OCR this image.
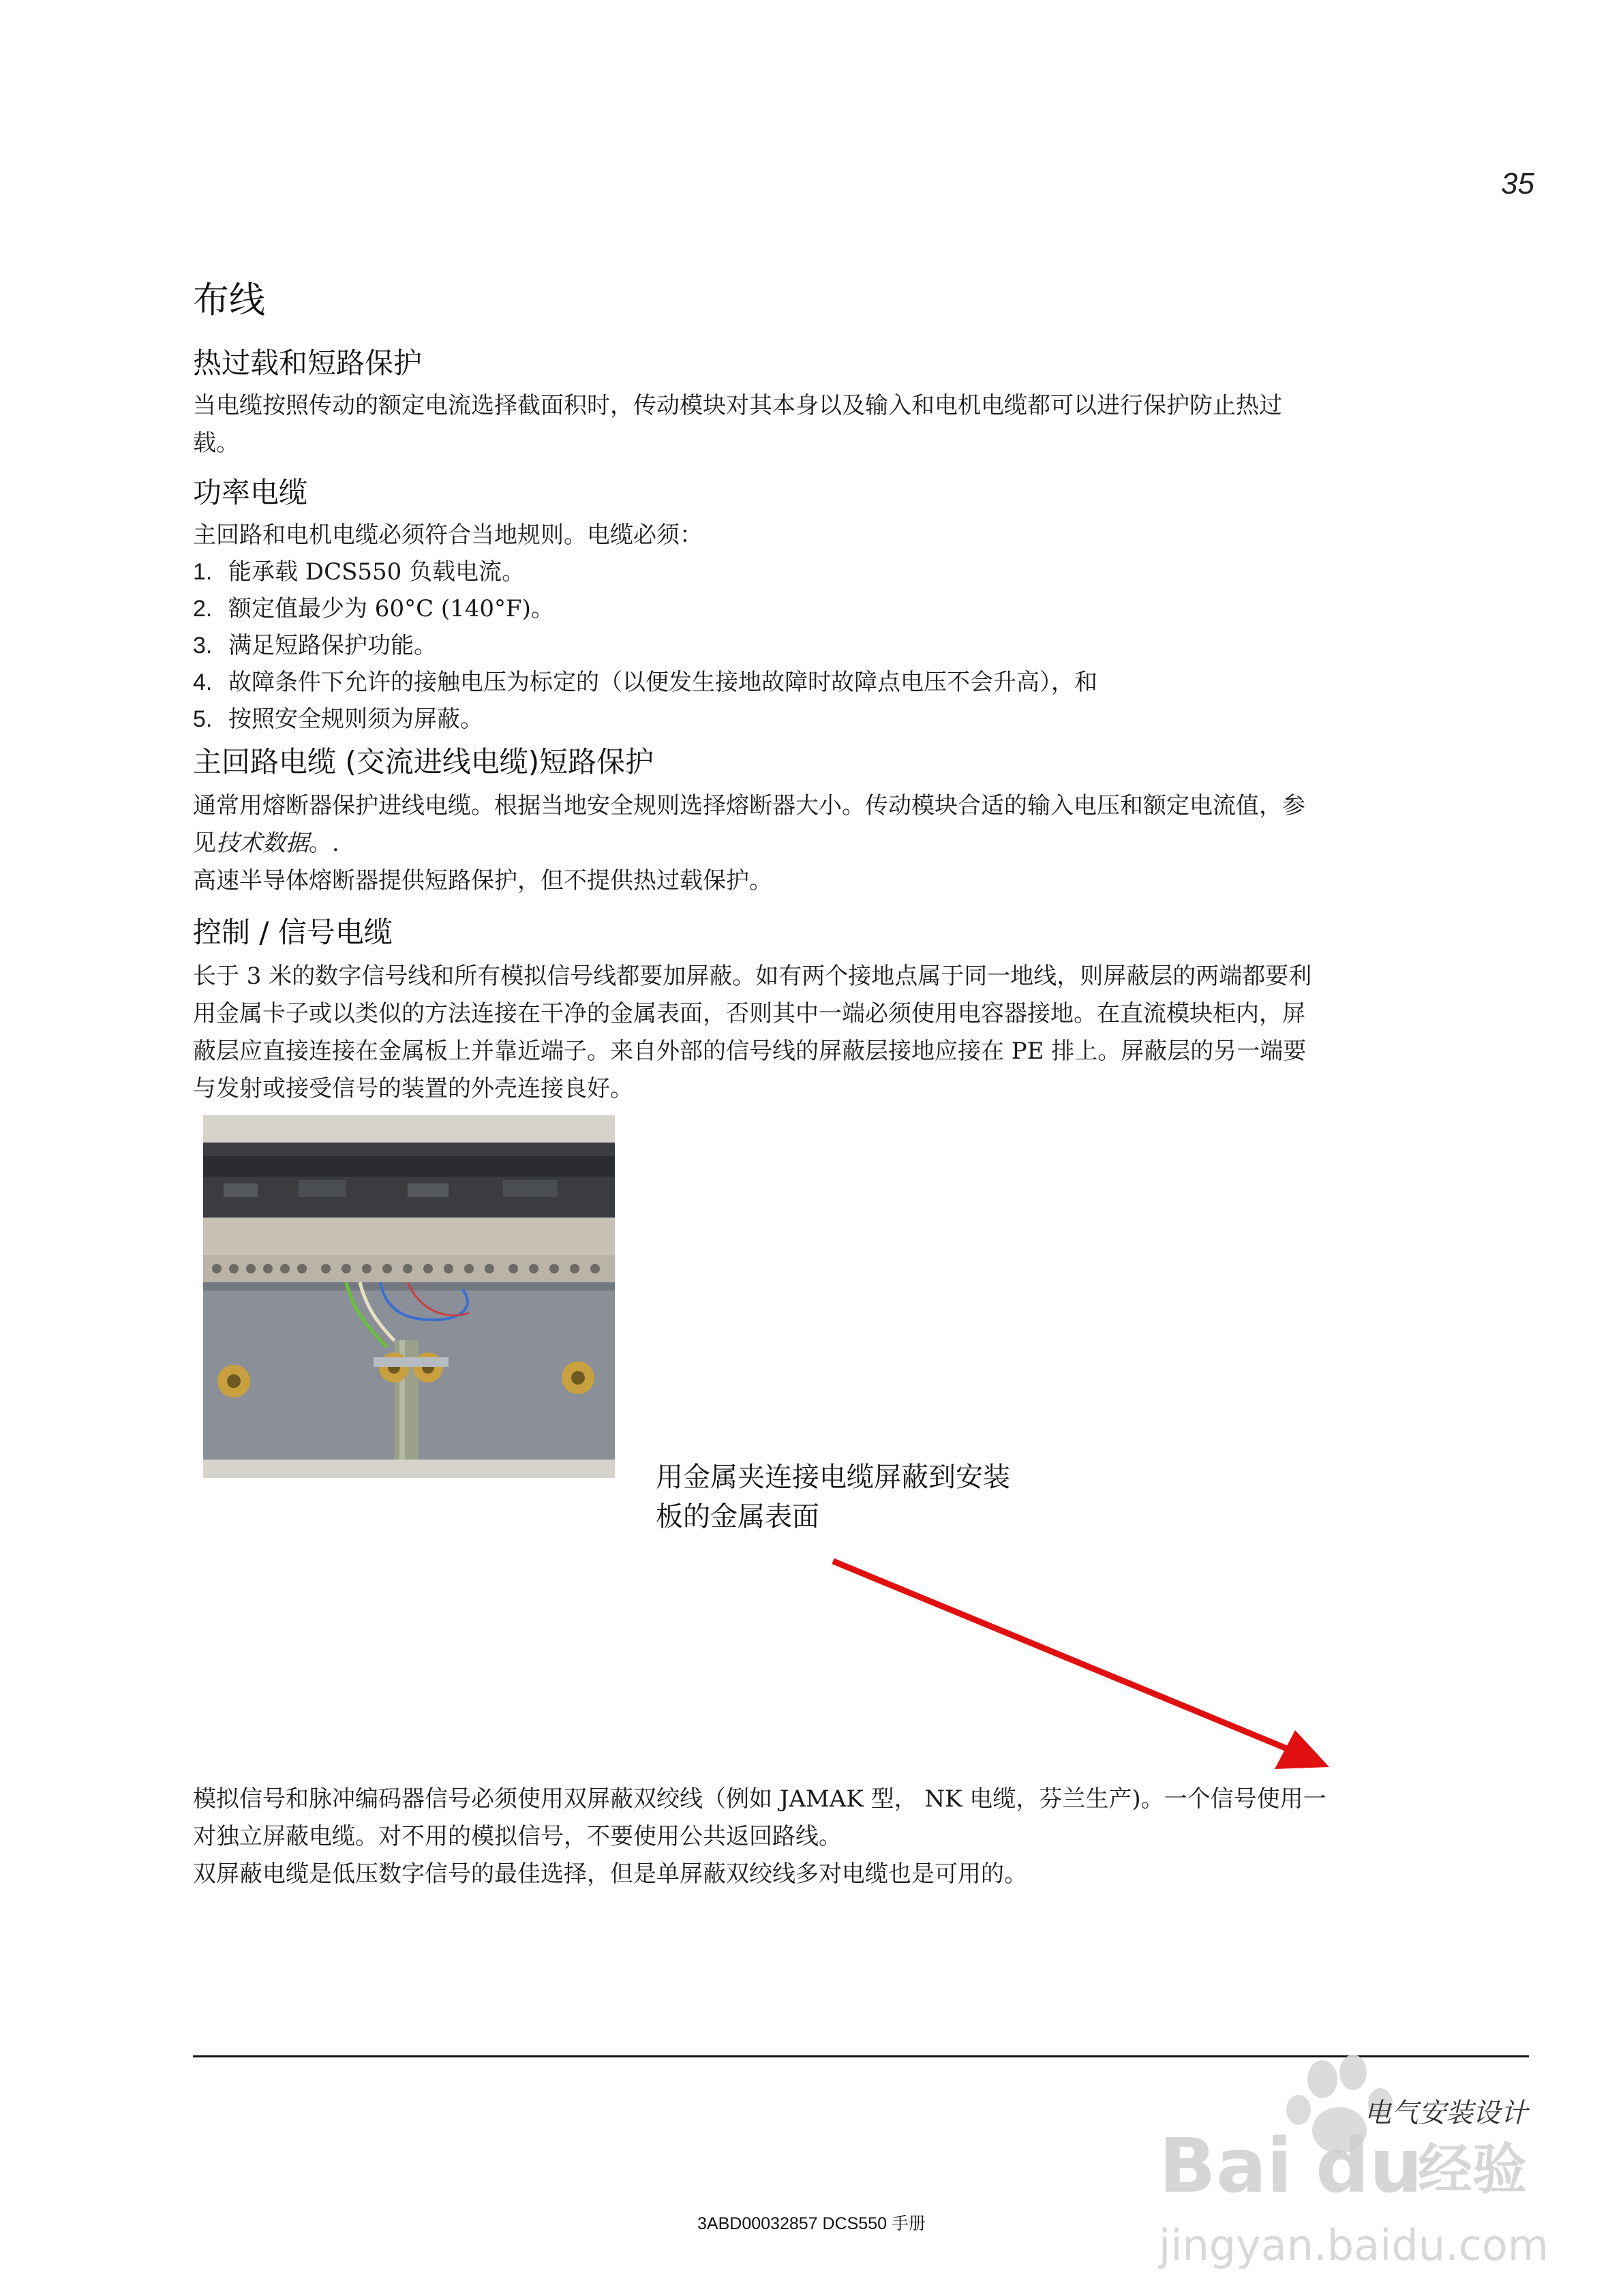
35
布线
热过载和短路保护

当电缆按照传动的额定电流选择截面积时，传动模块对其本身以及输入和电机电缆都可以进行保护防止热过

载。

功率电缆
主回路和电机电缆必须符合当地规则。电缆必须：
1. 能承载 DCS550 负载电流。
2. 额定值最少为 60°C (140°F)。
3. 满足短路保护功能。
4. 故障条件下允许的接触电压为标定的（以便发生接地故障时故障点电压不会升高），和
5. 按照安全规则须为屏蔽。
主回路电缆 (交流进线电缆)短路保护

通常用熔断器保护进线电缆。根据当地安全规则选择熔断器大小。传动模块合适的输入电压和额定电流值，参

见技术数据。.

高速半导体熔断器提供短路保护，但不提供热过载保护。

控制 / 信号电缆

长于 3 米的数字信号线和所有模拟信号线都要加屏蔽。如有两个接地点属于同一地线，则屏蔽层的两端都要利

用金属卡子或以类似的方法连接在干净的金属表面，否则其中一端必须使用电容器接地。在直流模块柜内，屏

蔽层应直接连接在金属板上并靠近端子。来自外部的信号线的屏蔽层接地应接在 PE 排上。屏蔽层的另一端要

与发射或接受信号的装置的外壳连接良好。

用金属夹连接电缆屏蔽到安装
板的金属表面

模拟信号和脉冲编码器信号必须使用双屏蔽双绞线（例如 JAMAK 型， NK 电缆，芬兰生产)。一个信号使用一

对独立屏蔽电缆。对不用的模拟信号，不要使用公共返回路线。

双屏蔽电缆是低压数字信号的最佳选择，但是单屏蔽双绞线多对电缆也是可用的。

Bai du
经验
jingyan.baidu.com
电气安装设计
3ABD00032857 DCS550 手册
